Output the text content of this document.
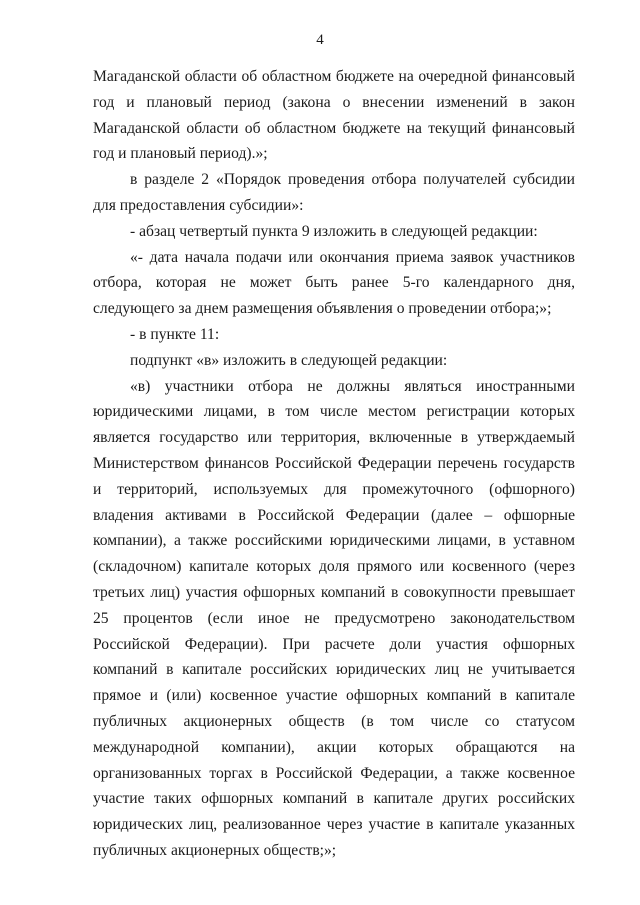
4

Магаданской области об областном бюджете на очередной финансовый год и плановый период (закона о внесении изменений в закон Магаданской области об областном бюджете на текущий финансовый год и плановый период).»;

в разделе 2 «Порядок проведения отбора получателей субсидии для предоставления субсидии»:

- абзац четвертый пункта 9 изложить в следующей редакции:

«- дата начала подачи или окончания приема заявок участников отбора, которая не может быть ранее 5-го календарного дня, следующего за днем размещения объявления о проведении отбора;»;

- в пункте 11:

подпункт «в» изложить в следующей редакции:

«в) участники отбора не должны являться иностранными юридическими лицами, в том числе местом регистрации которых является государство или территория, включенные в утверждаемый Министерством финансов Российской Федерации перечень государств и территорий, используемых для промежуточного (офшорного) владения активами в Российской Федерации (далее – офшорные компании), а также российскими юридическими лицами, в уставном (складочном) капитале которых доля прямого или косвенного (через третьих лиц) участия офшорных компаний в совокупности превышает 25 процентов (если иное не предусмотрено законодательством Российской Федерации). При расчете доли участия офшорных компаний в капитале российских юридических лиц не учитывается прямое и (или) косвенное участие офшорных компаний в капитале публичных акционерных обществ (в том числе со статусом международной компании), акции которых обращаются на организованных торгах в Российской Федерации, а также косвенное участие таких офшорных компаний в капитале других российских юридических лиц, реализованное через участие в капитале указанных публичных акционерных обществ;»;
